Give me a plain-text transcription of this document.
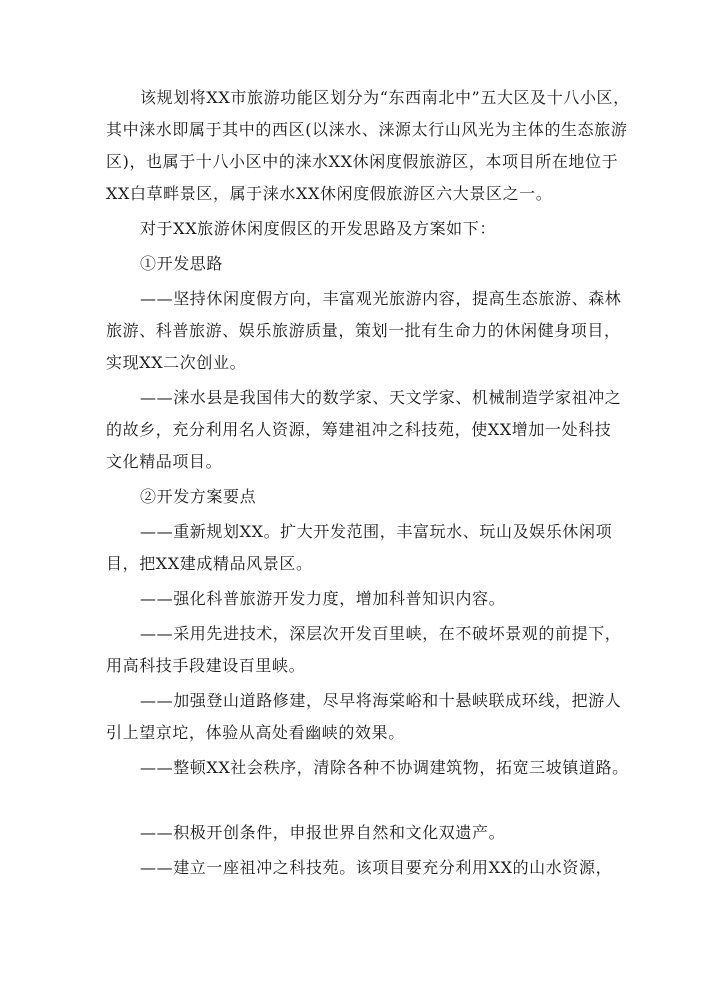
该规划将XX市旅游功能区划分为“东西南北中”五大区及十八小区，
其中涞水即属于其中的西区(以涞水、涞源太行山风光为主体的生态旅游
区)，也属于十八小区中的涞水XX休闲度假旅游区，本项目所在地位于
XX白草畔景区，属于涞水XX休闲度假旅游区六大景区之一。
对于XX旅游休闲度假区的开发思路及方案如下：
①开发思路
——坚持休闲度假方向，丰富观光旅游内容，提高生态旅游、森林
旅游、科普旅游、娱乐旅游质量，策划一批有生命力的休闲健身项目，
实现XX二次创业。
——涞水县是我国伟大的数学家、天文学家、机械制造学家祖冲之
的故乡，充分利用名人资源，筹建祖冲之科技苑，使XX增加一处科技
文化精品项目。
②开发方案要点
——重新规划XX。扩大开发范围，丰富玩水、玩山及娱乐休闲项
目，把XX建成精品风景区。
——强化科普旅游开发力度，增加科普知识内容。
——采用先进技术，深层次开发百里峡，在不破坏景观的前提下，
用高科技手段建设百里峡。
——加强登山道路修建，尽早将海棠峪和十悬峡联成环线，把游人
引上望京坨，体验从高处看幽峡的效果。
——整顿XX社会秩序，清除各种不协调建筑物，拓宽三坡镇道路。
——积极开创条件，申报世界自然和文化双遗产。
——建立一座祖冲之科技苑。该项目要充分利用XX的山水资源，
